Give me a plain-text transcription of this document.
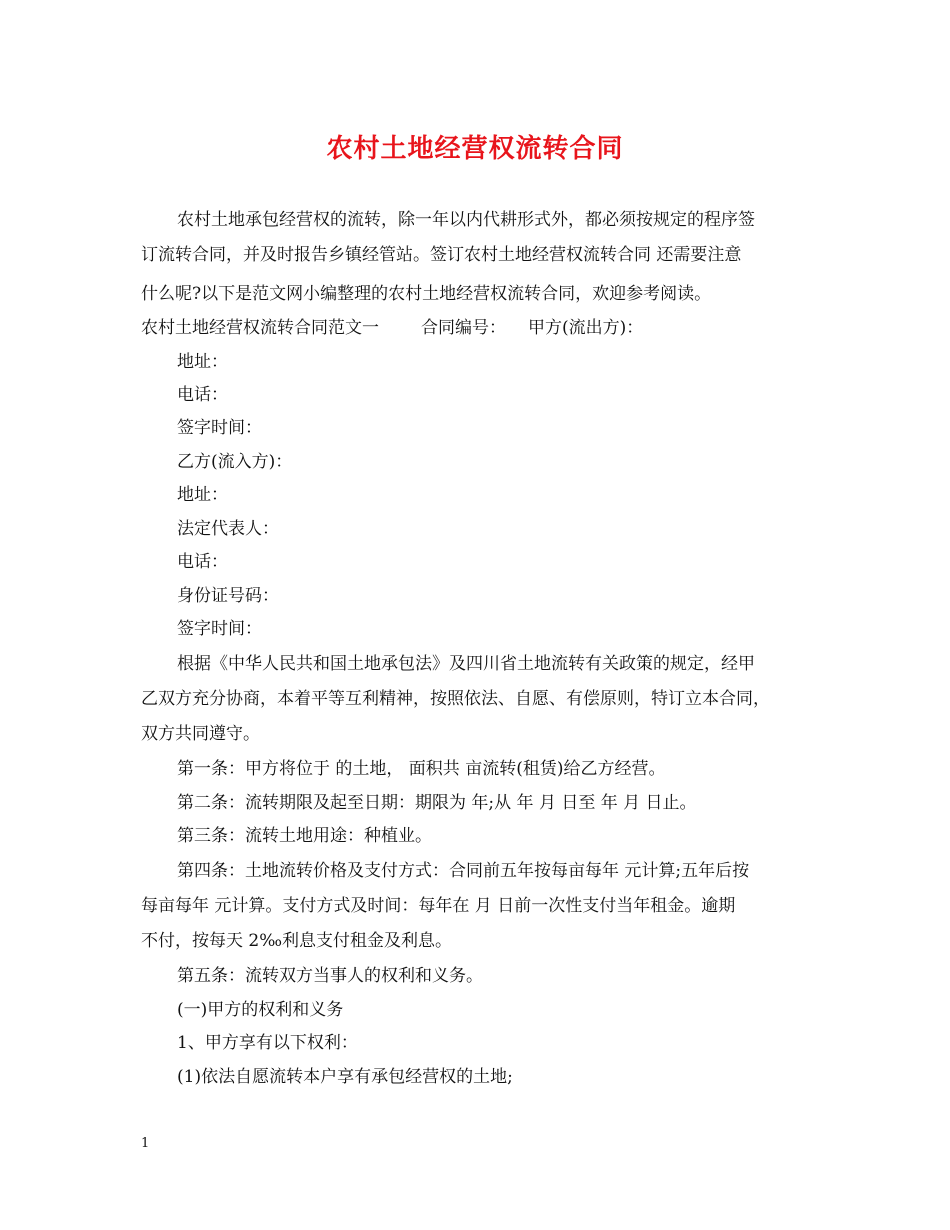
农村土地经营权流转合同
农村土地承包经营权的流转，除一年以内代耕形式外，都必须按规定的程序签
订流转合同，并及时报告乡镇经管站。签订农村土地经营权流转合同 还需要注意
什么呢?以下是范文网小编整理的农村土地经营权流转合同，欢迎参考阅读。
农村土地经营权流转合同范文一 合同编号： 甲方(流出方)：
地址：
电话：
签字时间：
乙方(流入方)：
地址：
法定代表人：
电话：
身份证号码：
签字时间：
根据《中华人民共和国土地承包法》及四川省土地流转有关政策的规定，经甲
乙双方充分协商，本着平等互利精神，按照依法、自愿、有偿原则，特订立本合同，
双方共同遵守。
第一条：甲方将位于 的土地， 面积共 亩流转(租赁)给乙方经营。
第二条：流转期限及起至日期：期限为 年;从 年 月 日至 年 月 日止。
第三条：流转土地用途：种植业。
第四条：土地流转价格及支付方式：合同前五年按每亩每年 元计算;五年后按
每亩每年 元计算。支付方式及时间：每年在 月 日前一次性支付当年租金。逾期
不付，按每天 2‰利息支付租金及利息。
第五条：流转双方当事人的权利和义务。
(一)甲方的权利和义务
1、甲方享有以下权利：
(1)依法自愿流转本户享有承包经营权的土地;
1
